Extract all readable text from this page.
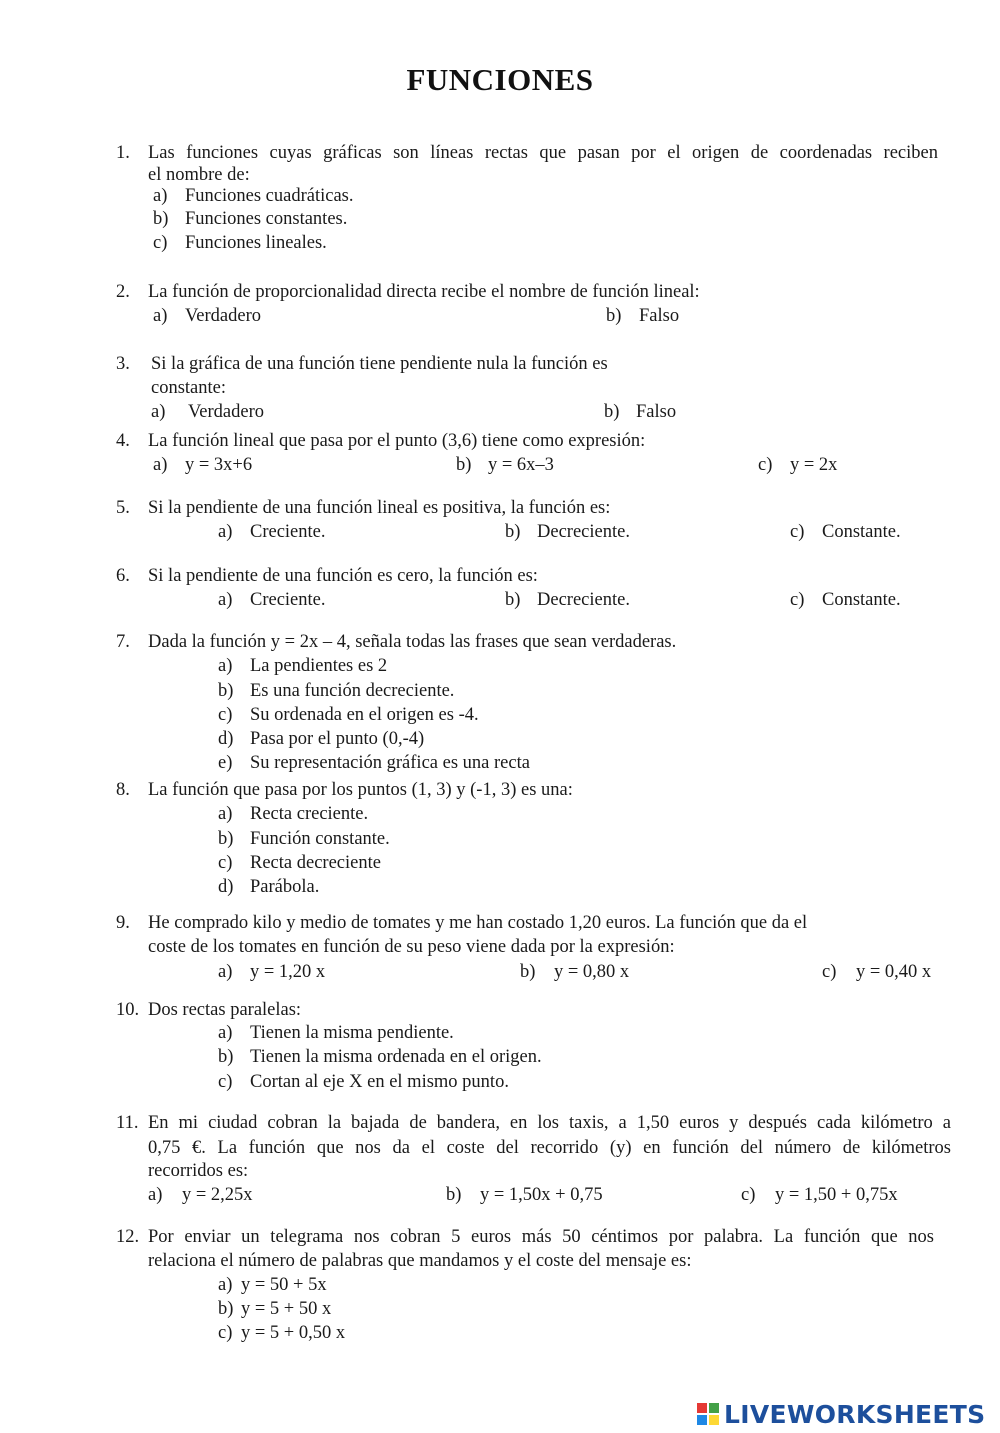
FUNCIONES
1. Las funciones cuyas gráficas son líneas rectas que pasan por el origen de coordenadas reciben
el nombre de:
a) Funciones cuadráticas.
b) Funciones constantes.
c) Funciones lineales.
2. La función de proporcionalidad directa recibe el nombre de función lineal:
a) Verdadero	b) Falso
3. Si la gráfica de una función tiene pendiente nula la función es
constante:
a) Verdadero	b) Falso
4. La función lineal que pasa por el punto (3,6) tiene como expresión:
a) y = 3x+6	b) y = 6x–3	c) y = 2x
5. Si la pendiente de una función lineal es positiva, la función es:
a) Creciente.	b) Decreciente.	c) Constante.
6. Si la pendiente de una función es cero, la función es:
a) Creciente.	b) Decreciente.	c) Constante.
7. Dada la función y = 2x – 4, señala todas las frases que sean verdaderas.
a) La pendientes es 2
b) Es una función decreciente.
c) Su ordenada en el origen es -4.
d) Pasa por el punto (0,-4)
e) Su representación gráfica es una recta
8. La función que pasa por los puntos (1, 3) y (-1, 3) es una:
a) Recta creciente.
b) Función constante.
c) Recta decreciente
d) Parábola.
9. He comprado kilo y medio de tomates y me han costado 1,20 euros. La función que da el
coste de los tomates en función de su peso viene dada por la expresión:
a) y = 1,20 x	b) y = 0,80 x	c) y = 0,40 x
10. Dos rectas paralelas:
a) Tienen la misma pendiente.
b) Tienen la misma ordenada en el origen.
c) Cortan al eje X en el mismo punto.
11. En mi ciudad cobran la bajada de bandera, en los taxis, a 1,50 euros y después cada kilómetro a
0,75 €. La función que nos da el coste del recorrido (y) en función del número de kilómetros
recorridos es:
a) y = 2,25x	b) y = 1,50x + 0,75	c) y = 1,50 + 0,75x
12. Por enviar un telegrama nos cobran 5 euros más 50 céntimos por palabra. La función que nos
relaciona el número de palabras que mandamos y el coste del mensaje es:
a) y = 50 + 5x
b) y = 5 + 50 x
c) y = 5 + 0,50 x
LIVEWORKSHEETS
